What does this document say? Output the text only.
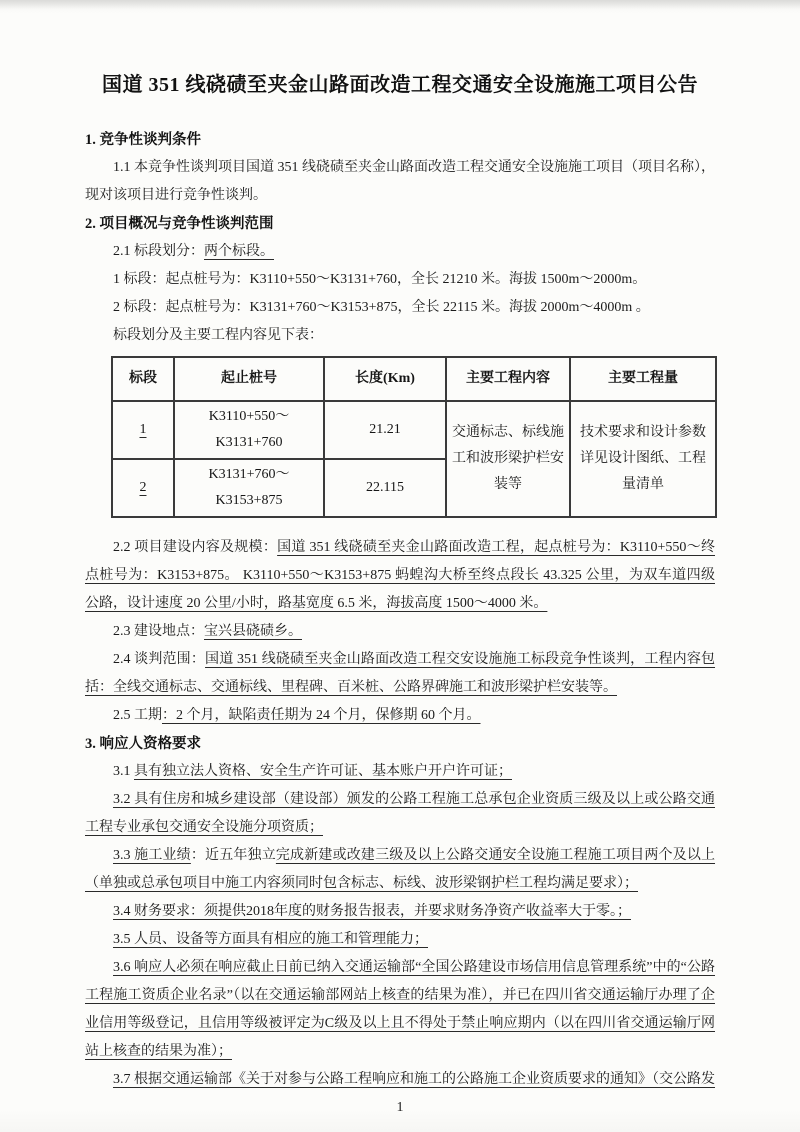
国道 351 线硗碛至夹金山路面改造工程交通安全设施施工项目公告

1. 竞争性谈判条件

1.1 本竞争性谈判项目国道 351 线硗碛至夹金山路面改造工程交通安全设施施工项目（项目名称），现对该项目进行竞争性谈判。

2. 项目概况与竞争性谈判范围

2.1 标段划分：两个标段。

1 标段：起点桩号为：K3110+550～K3131+760，全长 21210 米。海拔 1500m～2000m。

2 标段：起点桩号为：K3131+760～K3153+875，全长 22115 米。海拔 2000m～4000m 。

标段划分及主要工程内容见下表：

标段	起止桩号	长度(Km)	主要工程内容	主要工程量
1	K3110+550～K3131+760	21.21	交通标志、标线施工和波形梁护栏安装等	技术要求和设计参数详见设计图纸、工程量清单
2	K3131+760～K3153+875	22.115		

2.2 项目建设内容及规模：国道 351 线硗碛至夹金山路面改造工程，起点桩号为：K3110+550～终点桩号为：K3153+875。 K3110+550～K3153+875 蚂蝗沟大桥至终点段长 43.325 公里，为双车道四级公路，设计速度 20 公里/小时，路基宽度 6.5 米，海拔高度 1500～4000 米。

2.3 建设地点：宝兴县硗碛乡。

2.4 谈判范围：国道 351 线硗碛至夹金山路面改造工程交安设施施工标段竞争性谈判，工程内容包括：全线交通标志、交通标线、里程碑、百米桩、公路界碑施工和波形梁护栏安装等。

2.5 工期：2 个月，缺陷责任期为 24 个月，保修期 60 个月。

3. 响应人资格要求

3.1 具有独立法人资格、安全生产许可证、基本账户开户许可证；

3.2 具有住房和城乡建设部（建设部）颁发的公路工程施工总承包企业资质三级及以上或公路交通工程专业承包交通安全设施分项资质；

3.3 施工业绩：近五年独立完成新建或改建三级及以上公路交通安全设施工程施工项目两个及以上（单独或总承包项目中施工内容须同时包含标志、标线、波形梁钢护栏工程均满足要求）；

3.4 财务要求：须提供2018年度的财务报告报表，并要求财务净资产收益率大于零。；

3.5 人员、设备等方面具有相应的施工和管理能力；

3.6 响应人必须在响应截止日前已纳入交通运输部“全国公路建设市场信用信息管理系统”中的“公路工程施工资质企业名录”（以在交通运输部网站上核查的结果为准），并已在四川省交通运输厅办理了企业信用等级登记，且信用等级被评定为C级及以上且不得处于禁止响应期内（以在四川省交通运输厅网站上核查的结果为准）；

3.7 根据交通运输部《关于对参与公路工程响应和施工的公路施工企业资质要求的通知》（交公路发

1
